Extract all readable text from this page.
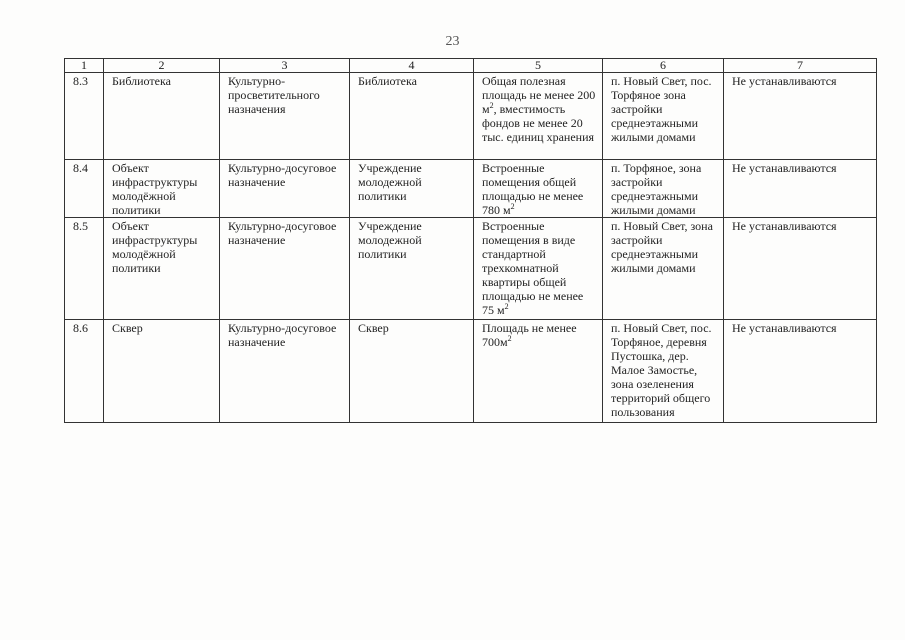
23
1	2	3	4	5	6	7
8.3	Библиотека	Культурно-просветительного назначения	Библиотека	Общая полезная площадь не менее 200 $м^2$, вместимость фондов не менее 20 тыс. единиц хранения	п. Новый Свет, пос. Торфяное зона застройки среднеэтажными жилыми домами	Не устанавливаются
8.4	Объект инфраструктуры молодёжной политики	Культурно-досуговое назначение	Учреждение молодежной политики	Встроенные помещения общей площадью не менее 780 $м^2$	п. Торфяное, зона застройки среднеэтажными жилыми домами	Не устанавливаются
8.5	Объект инфраструктуры молодёжной политики	Культурно-досуговое назначение	Учреждение молодежной политики	Встроенные помещения в виде стандартной трехкомнатной квартиры общей площадью не менее 75 $м^2$	п. Новый Свет, зона застройки среднеэтажными жилыми домами	Не устанавливаются
8.6	Сквер	Культурно-досуговое назначение	Сквер	Площадь не менее $700м^2$	п. Новый Свет, пос. Торфяное, деревня Пустошка, дер. Малое Замостье, зона озеленения территорий общего пользования	Не устанавливаются
